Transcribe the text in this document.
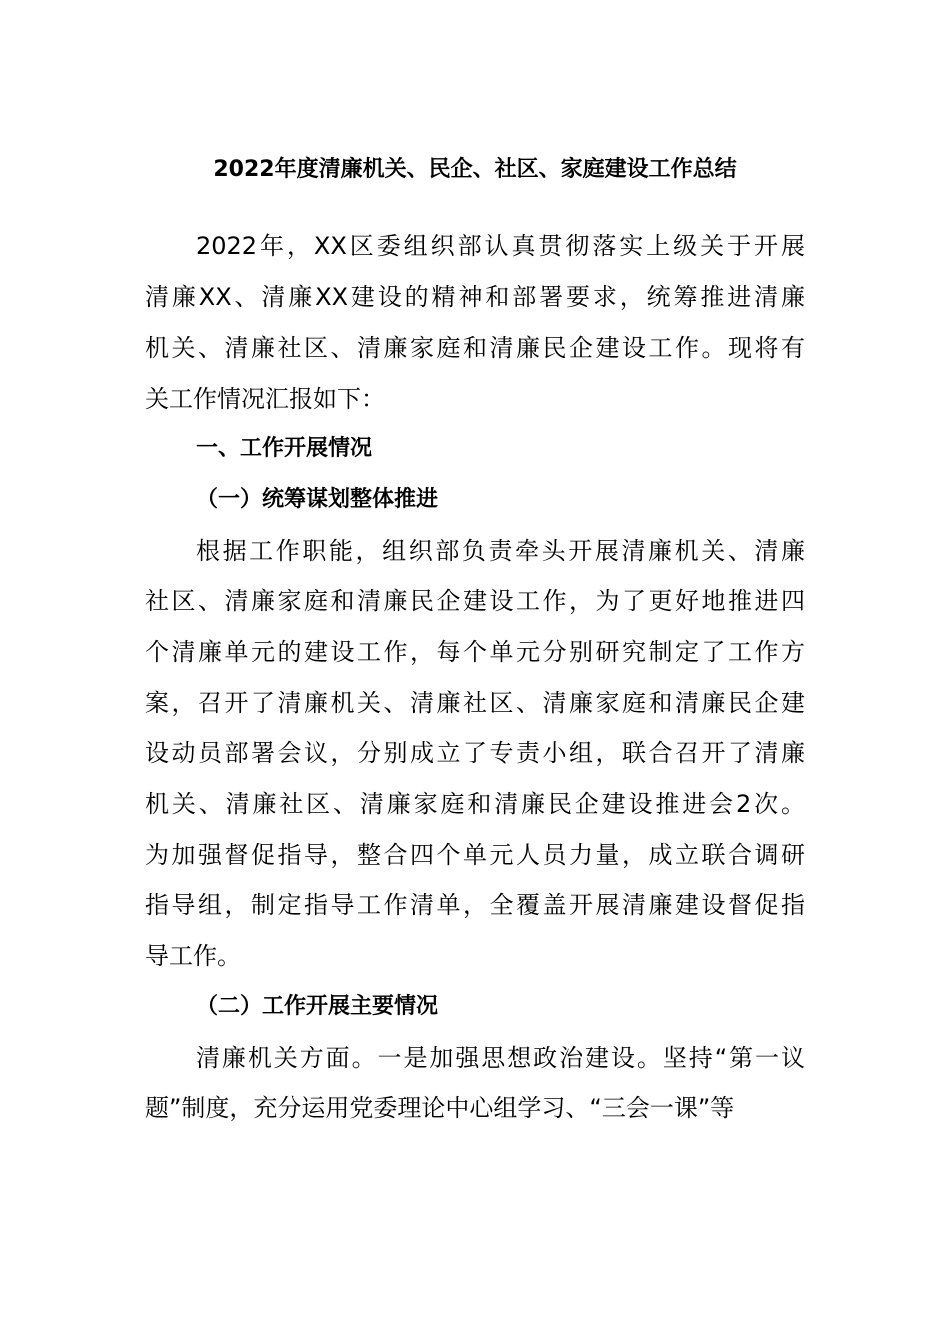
2022年度清廉机关、民企、社区、家庭建设工作总结
2022年，XX区委组织部认真贯彻落实上级关于开展
清廉XX、清廉XX建设的精神和部署要求，统筹推进清廉
机关、清廉社区、清廉家庭和清廉民企建设工作。现将有
关工作情况汇报如下：
一、工作开展情况
（一）统筹谋划整体推进
根据工作职能，组织部负责牵头开展清廉机关、清廉
社区、清廉家庭和清廉民企建设工作，为了更好地推进四
个清廉单元的建设工作，每个单元分别研究制定了工作方
案，召开了清廉机关、清廉社区、清廉家庭和清廉民企建
设动员部署会议，分别成立了专责小组，联合召开了清廉
机关、清廉社区、清廉家庭和清廉民企建设推进会2次。
为加强督促指导，整合四个单元人员力量，成立联合调研
指导组，制定指导工作清单，全覆盖开展清廉建设督促指
导工作。
（二）工作开展主要情况
清廉机关方面。一是加强思想政治建设。坚持“第一议
题”制度，充分运用党委理论中心组学习、“三会一课”等
